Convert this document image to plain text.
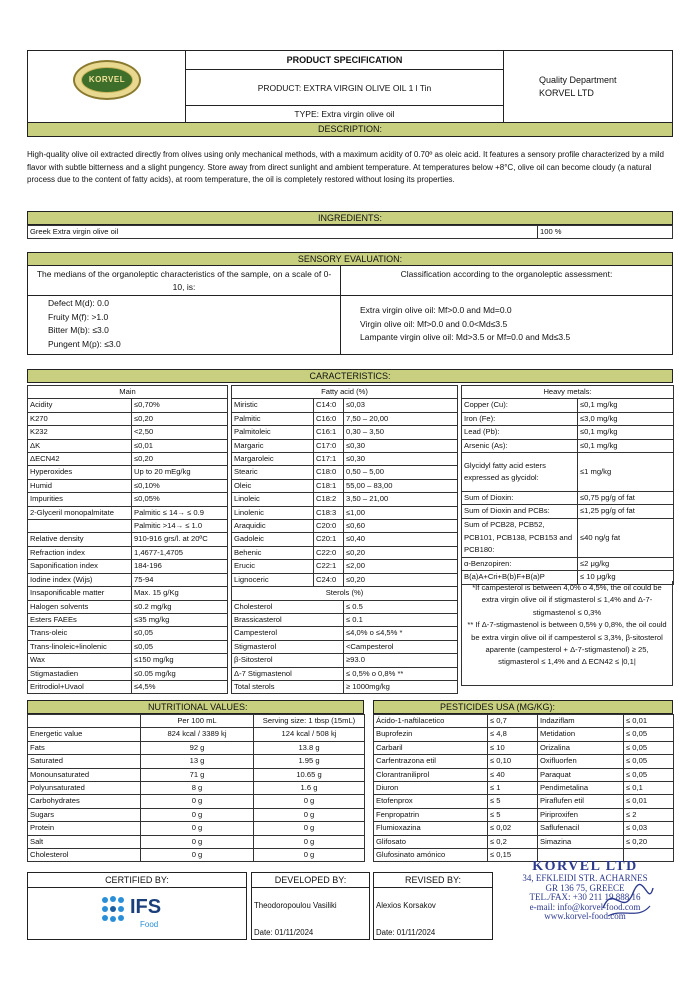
KORVEL
PRODUCT SPECIFICATION
PRODUCT: EXTRA VIRGIN OLIVE OIL 1 l Tin
TYPE: Extra virgin olive oil
Quality Department
KORVEL LTD
DESCRIPTION:
High-quality olive oil extracted directly from olives using only mechanical methods, with a maximum acidity of 0.70º as oleic acid. It features a sensory profile characterized by a mild flavor with subtle bitterness and a slight pungency. Store away from direct sunlight and ambient temperature. At temperatures below +8°C, olive oil can become cloudy (a natural process due to the content of fatty acids), at room temperature, the oil is completely restored without losing its properties.
INGREDIENTS:
Greek Extra virgin olive oil	100 %
SENSORY EVALUATION:
The medians of the organoleptic characteristics of the sample, on a scale of 0-10, is:
Classification according to the organoleptic assessment:
Defect M(d): 0.0
Fruity M(f): >1.0
Bitter M(b): ≤3.0
Pungent M(p): ≤3.0
Extra virgin olive oil: Mf>0.0 and Md=0.0
Virgin olive oil: Mf>0.0 and 0.0<Md≤3.5
Lampante virgin olive oil: Md>3.5 or Mf=0.0 and Md≤3.5
CARACTERISTICS:
Main	
Acidity	≤0,70%
K270	≤0,20
K232	<2,50
ΔK	≤0,01
ΔECN42	≤0,20
Hyperoxides	Up to 20 mEg/kg
Humid	≤0,10%
Impurities	≤0,05%
2-Glyceril monopalmitate	Palmitic ≤ 14→ ≤ 0.9
	Palmitic >14→ ≤ 1.0
Relative density	910-916 grs/l. at 20ºC
Refraction index	1,4677-1,4705
Saponification index	184-196
Iodine index (Wijs)	75-94
Insaponificable matter	Max. 15 g/Kg
Halogen solvents	≤0.2 mg/kg
Esters FAEEs	≤35 mg/kg
Trans-oleic	≤0,05
Trans-linoleic+linolenic	≤0,05
Wax	≤150 mg/kg
Stigmastadien	≤0.05 mg/kg
Eritrodiol+Uvaol	≤4,5%
Fatty acid (%)		
Miristic	C14:0	≤0,03
Palmitic	C16:0	7,50 – 20,00
Palmitoleic	C16:1	0,30 – 3,50
Margaric	C17:0	≤0,30
Margaroleic	C17:1	≤0,30
Stearic	C18:0	0,50 – 5,00
Oleic	C18:1	55,00 – 83,00
Linoleic	C18:2	3,50 – 21,00
Linolenic	C18:3	≤1,00
Araquidic	C20:0	≤0,60
Gadoleic	C20:1	≤0,40
Behenic	C22:0	≤0,20
Erucic	C22:1	≤2,00
Lignoceric	C24:0	≤0,20
Sterols (%)		
Cholesterol		≤ 0.5
Brassicasterol		≤ 0.1
Campesterol		≤4,0% o ≤4,5% *
Stigmasterol		<Campesterol
β-Sitosterol		≥93.0
Δ-7 Stigmastenol		≤ 0,5% o 0,8% **
Total sterols		≥ 1000mg/kg
Heavy metals:	
Copper (Cu):	≤0,1 mg/kg
Iron (Fe):	≤3,0 mg/kg
Lead (Pb):	≤0,1 mg/kg
Arsenic (As):	≤0,1 mg/kg
Glycidyl fatty acid esters expressed as glycidol:	≤1 mg/kg
Sum of Dioxin:	≤0,75 pg/g of fat
Sum of Dioxin and PCBs:	≤1,25 pg/g of fat
Sum of PCB28, PCB52, PCB101, PCB138, PCB153 and PCB180:	≤40 ng/g fat
α-Benzopiren:	≤2 μg/kg
B(a)A+Cri+B(b)F+B(a)P	≤ 10 μg/kg
*If campesterol is between 4,0% o 4,5%, the oil could be extra virgin olive oil if stigmasterol ≤ 1,4% and Δ-7-stigmastenol ≤ 0,3%
** If Δ-7-stigmastenol is between 0,5% y 0,8%, the oil could be extra virgin olive oil if campesterol ≤ 3,3%, β-sitosterol aparente (campesterol + Δ-7-stigmastenol) ≥ 25, stigmasterol ≤ 1,4% and Δ ECN42 ≤ |0,1|
NUTRITIONAL VALUES:
	Per 100 mL	Serving size: 1 tbsp (15mL)
Energetic value	824 kcal / 3389 kj	124 kcal / 508 kj
Fats	92 g	13.8 g
Saturated	13 g	1.95 g
Monounsaturated	71 g	10.65 g
Polyunsaturated	8 g	1.6 g
Carbohydrates	0 g	0 g
Sugars	0 g	0 g
Protein	0 g	0 g
Salt	0 g	0 g
Cholesterol	0 g	0 g
PESTICIDES USA (MG/KG):
Ácido-1-naftilacetico	≤ 0,7	Indaziflam	≤ 0,01
Buprofezin	≤ 4,8	Metidation	≤ 0,05
Carbaril	≤ 10	Orizalina	≤ 0,05
Carfentrazona etil	≤ 0,10	Oxifluorfen	≤ 0,05
Clorantraniliprol	≤ 40	Paraquat	≤ 0,05
Diuron	≤ 1	Pendimetalina	≤ 0,1
Etofenprox	≤ 5	Piraflufen etil	≤ 0,01
Fenpropatrin	≤ 5	Piriproxifen	≤ 2
Flumioxazina	≤ 0,02	Saflufenacil	≤ 0,03
Glifosato	≤ 0,2	Simazina	≤ 0,20
Glufosinato amónico	≤ 0,15		
CERTIFIED BY:
IFS
Food
DEVELOPED BY:
Theodoropoulou Vasiliki
Date: 01/11/2024
REVISED BY:
Alexios Korsakov
Date: 01/11/2024
KORVEL LTD
34, EFKLEIDI STR. ACHARNES
GR 136 75, GREECE
TEL./FAX: +30 211 19 888 16
e-mail: info@korvel-food.com
www.korvel-food.com
